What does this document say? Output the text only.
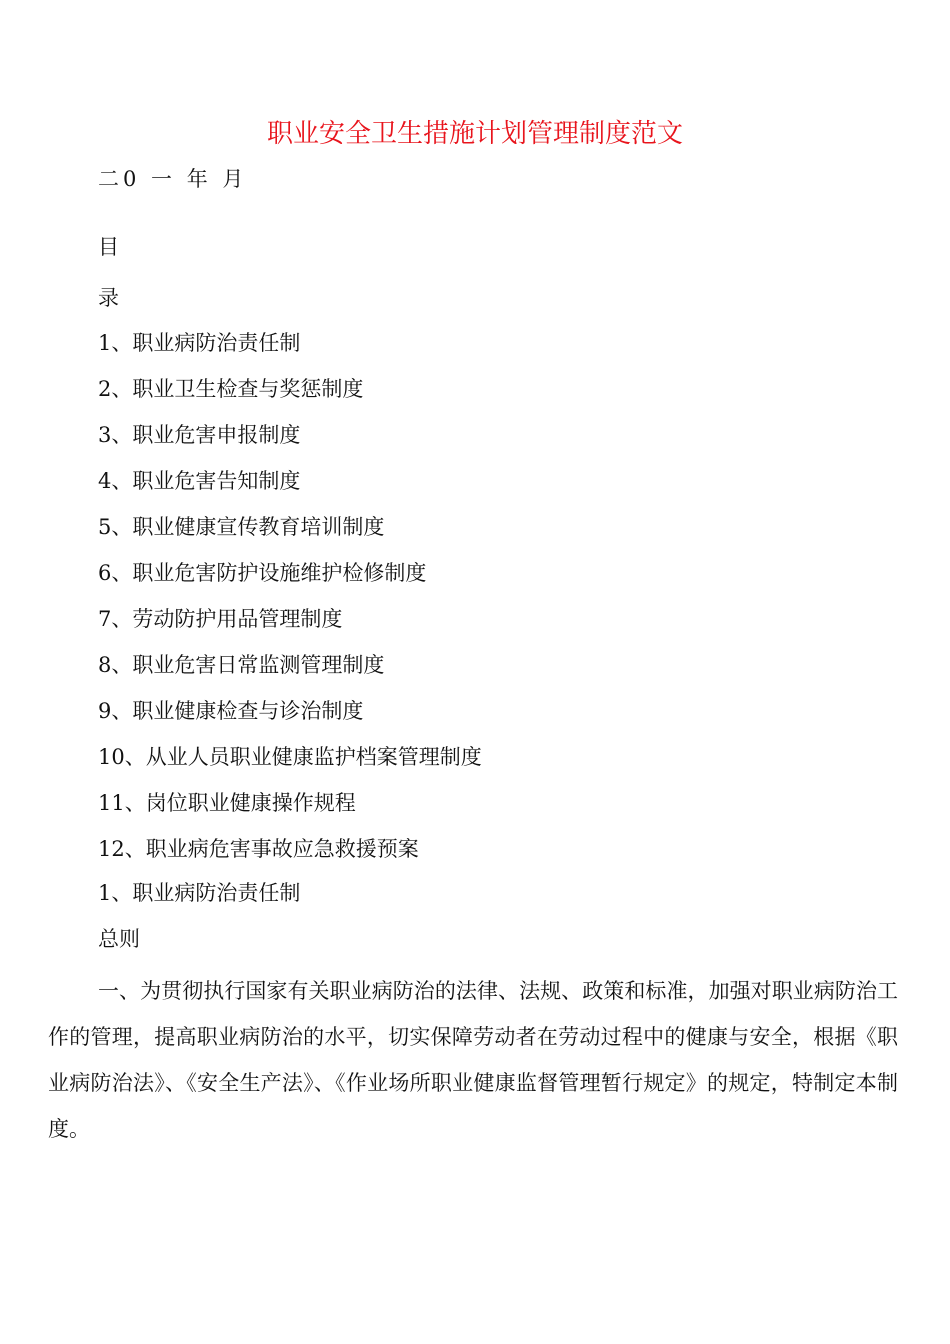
职业安全卫生措施计划管理制度范文
二0 一 年 月
目
录
1、职业病防治责任制
2、职业卫生检查与奖惩制度
3、职业危害申报制度
4、职业危害告知制度
5、职业健康宣传教育培训制度
6、职业危害防护设施维护检修制度
7、劳动防护用品管理制度
8、职业危害日常监测管理制度
9、职业健康检查与诊治制度
10、从业人员职业健康监护档案管理制度
11、岗位职业健康操作规程
12、职业病危害事故应急救援预案
1、职业病防治责任制
总则

一、为贯彻执行国家有关职业病防治的法律、法规、政策和标准，加强对职业病防治工作的管理，提高职业病防治的水平，切实保障劳动者在劳动过程中的健康与安全，根据《职业病防治法》、《安全生产法》、《作业场所职业健康监督管理暂行规定》的规定，特制定本制度。
